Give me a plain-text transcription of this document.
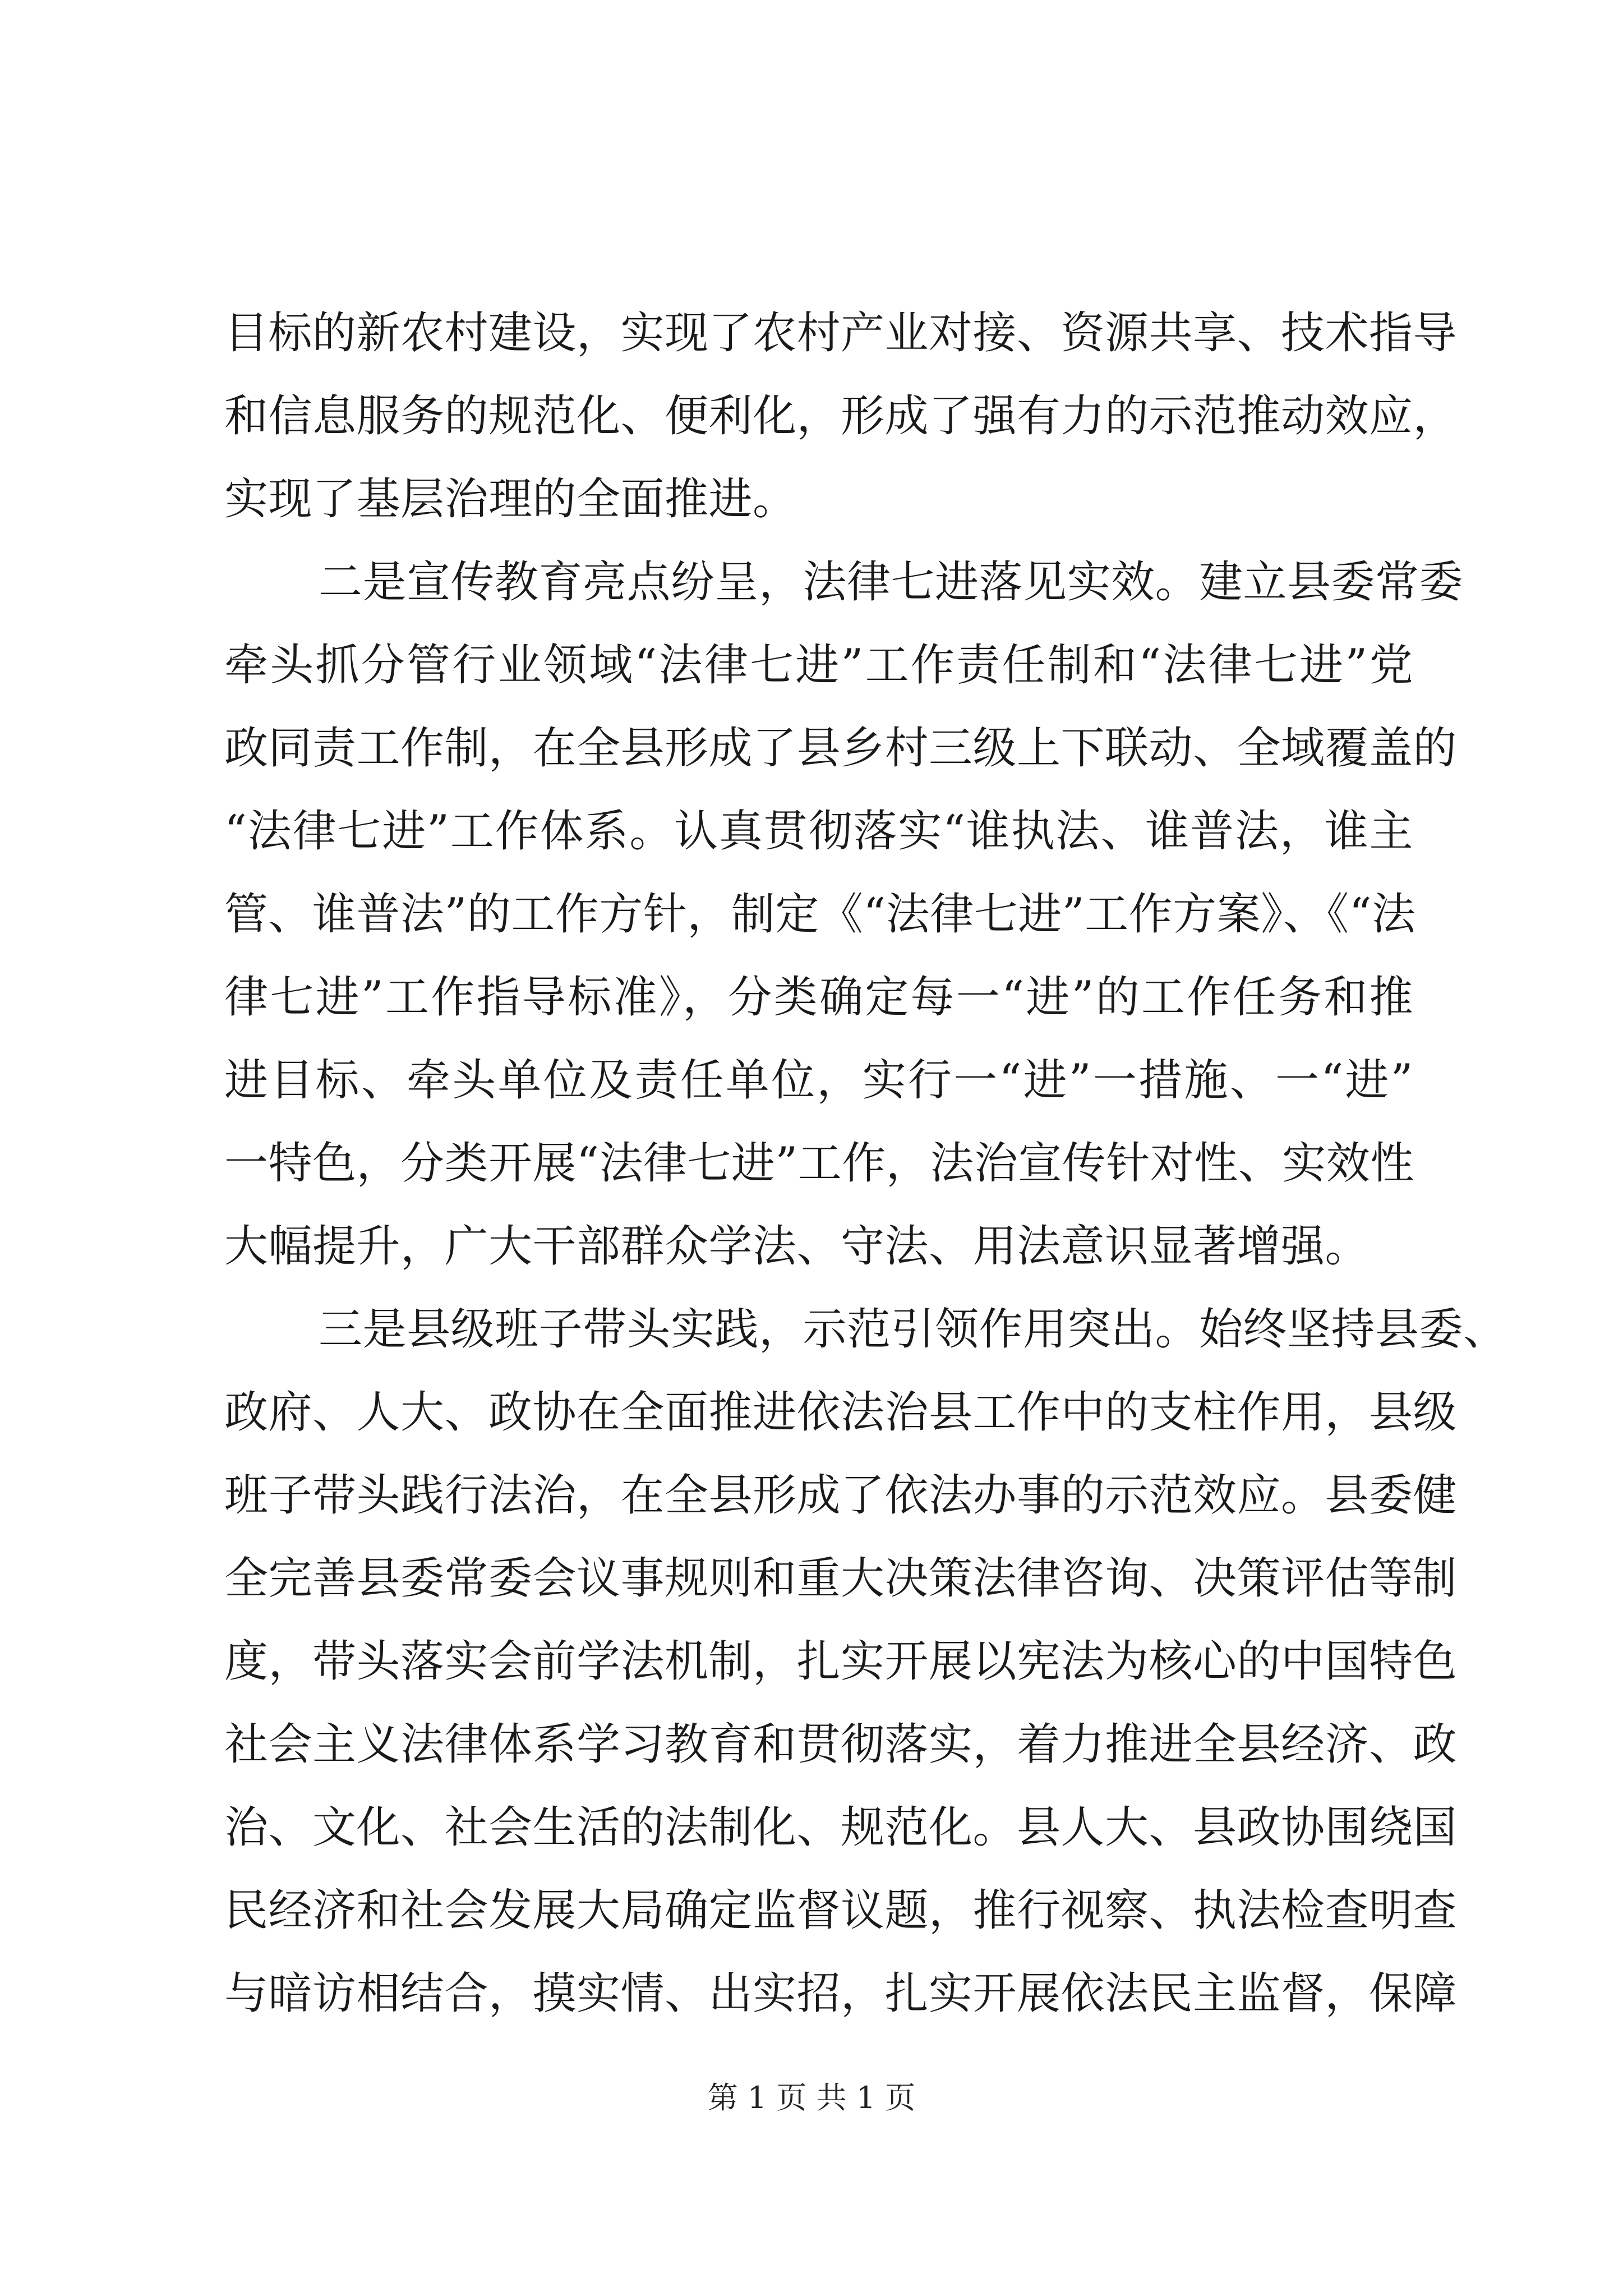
目标的新农村建设，实现了农村产业对接、资源共享、技术指导

和信息服务的规范化、便利化，形成了强有力的示范推动效应，

实现了基层治理的全面推进。

二是宣传教育亮点纷呈，法律七进落见实效。建立县委常委

牵头抓分管行业领域“法律七进”工作责任制和“法律七进”党

政同责工作制，在全县形成了县乡村三级上下联动、全域覆盖的

“法律七进”工作体系。认真贯彻落实“谁执法、谁普法，谁主

管、谁普法”的工作方针，制定《“法律七进”工作方案》、《“法

律七进”工作指导标准》，分类确定每一“进”的工作任务和推

进目标、牵头单位及责任单位，实行一“进”一措施、一“进”

一特色，分类开展“法律七进”工作，法治宣传针对性、实效性

大幅提升，广大干部群众学法、守法、用法意识显著增强。

三是县级班子带头实践，示范引领作用突出。始终坚持县委、

政府、人大、政协在全面推进依法治县工作中的支柱作用，县级

班子带头践行法治，在全县形成了依法办事的示范效应。县委健

全完善县委常委会议事规则和重大决策法律咨询、决策评估等制

度，带头落实会前学法机制，扎实开展以宪法为核心的中国特色

社会主义法律体系学习教育和贯彻落实，着力推进全县经济、政

治、文化、社会生活的法制化、规范化。县人大、县政协围绕国

民经济和社会发展大局确定监督议题，推行视察、执法检查明查

与暗访相结合，摸实情、出实招，扎实开展依法民主监督，保障

第 1 页 共 1 页
